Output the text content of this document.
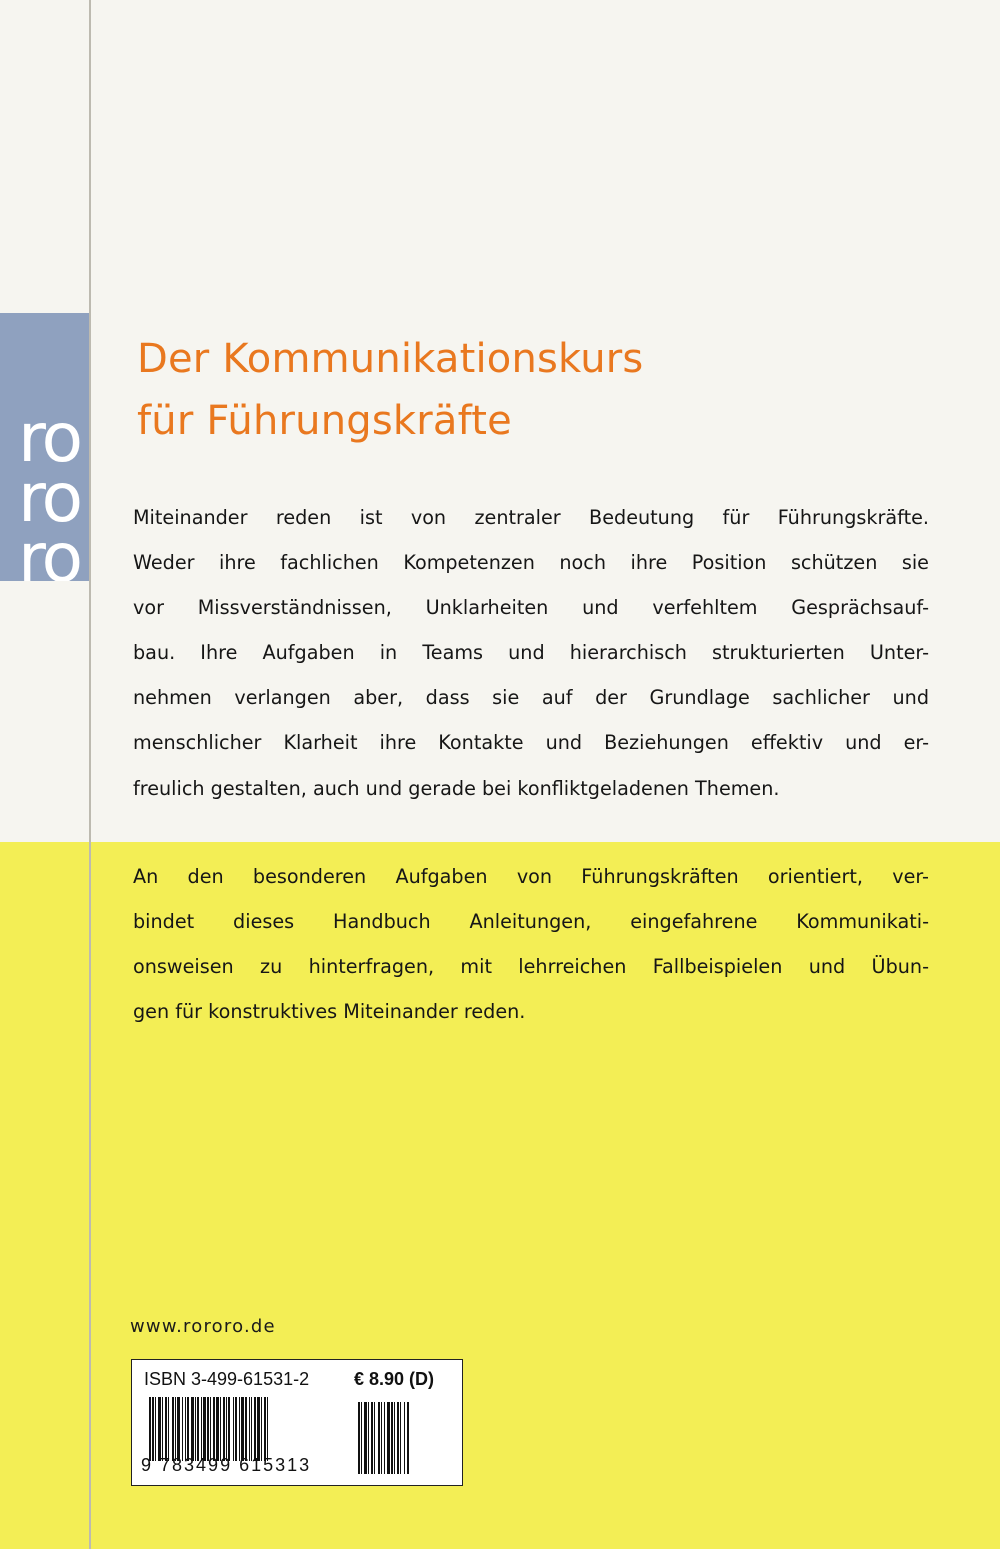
ro
ro
ro
Der Kommunikationskurs
für Führungskräfte
Miteinander reden ist von zentraler Bedeutung für Führungskräfte.
Weder ihre fachlichen Kompetenzen noch ihre Position schützen sie
vor Missverständnissen, Unklarheiten und verfehltem Gesprächsauf-
bau. Ihre Aufgaben in Teams und hierarchisch strukturierten Unter-
nehmen verlangen aber, dass sie auf der Grundlage sachlicher und
menschlicher Klarheit ihre Kontakte und Beziehungen effektiv und er-
freulich gestalten, auch und gerade bei konfliktgeladenen Themen.
An den besonderen Aufgaben von Führungskräften orientiert, ver-
bindet dieses Handbuch Anleitungen, eingefahrene Kommunikati-
onsweisen zu hinterfragen, mit lehrreichen Fallbeispielen und Übun-
gen für konstruktives Miteinander reden.
www.rororo.de
ISBN 3-499-61531-2 € 8.90 (D)
9 783499 615313
